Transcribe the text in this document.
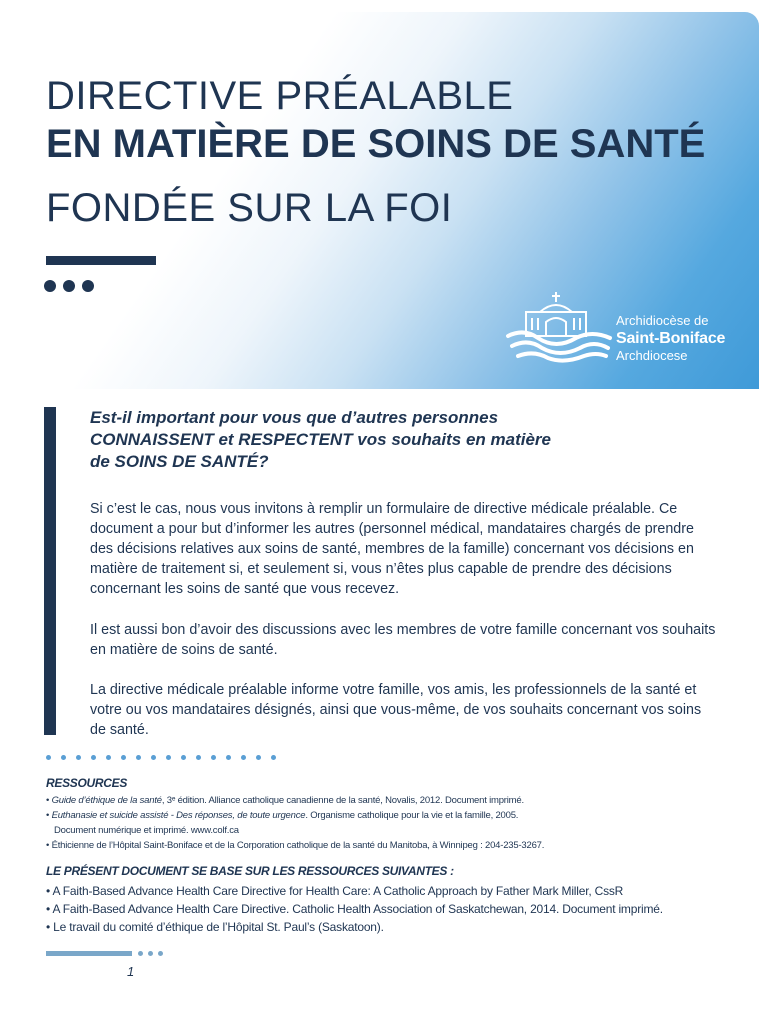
DIRECTIVE PRÉALABLE
EN MATIÈRE DE SOINS DE SANTÉ
FONDÉE SUR LA FOI
Archidiocèse de
Saint-Boniface
Archdiocese
Est-il important pour vous que d’autres personnes
CONNAISSENT et RESPECTENT vos souhaits en matière
de SOINS DE SANTÉ?

Si c’est le cas, nous vous invitons à remplir un formulaire de directive médicale préalable. Ce document a pour but d’informer les autres (personnel médical, mandataires chargés de prendre des décisions relatives aux soins de santé, membres de la famille) concernant vos décisions en matière de traitement si, et seulement si, vous n’êtes plus capable de prendre des décisions concernant les soins de santé que vous recevez.

Il est aussi bon d’avoir des discussions avec les membres de votre famille concernant vos souhaits en matière de soins de santé.

La directive médicale préalable informe votre famille, vos amis, les professionnels de la santé et votre ou vos mandataires désignés, ainsi que vous-même, de vos souhaits concernant vos soins de santé.

RESSOURCES
• Guide d’éthique de la santé, 3ᵉ édition. Alliance catholique canadienne de la santé, Novalis, 2012. Document imprimé.
• Euthanasie et suicide assisté - Des réponses, de toute urgence. Organisme catholique pour la vie et la famille, 2005.
Document numérique et imprimé. www.colf.ca
• Éthicienne de l’Hôpital Saint-Boniface et de la Corporation catholique de la santé du Manitoba, à Winnipeg : 204-235-3267.
LE PRÉSENT DOCUMENT SE BASE SUR LES RESSOURCES SUIVANTES :
• A Faith-Based Advance Health Care Directive for Health Care: A Catholic Approach by Father Mark Miller, CssR
• A Faith-Based Advance Health Care Directive. Catholic Health Association of Saskatchewan, 2014. Document imprimé.
• Le travail du comité d’éthique de l’Hôpital St. Paul’s (Saskatoon).
1
